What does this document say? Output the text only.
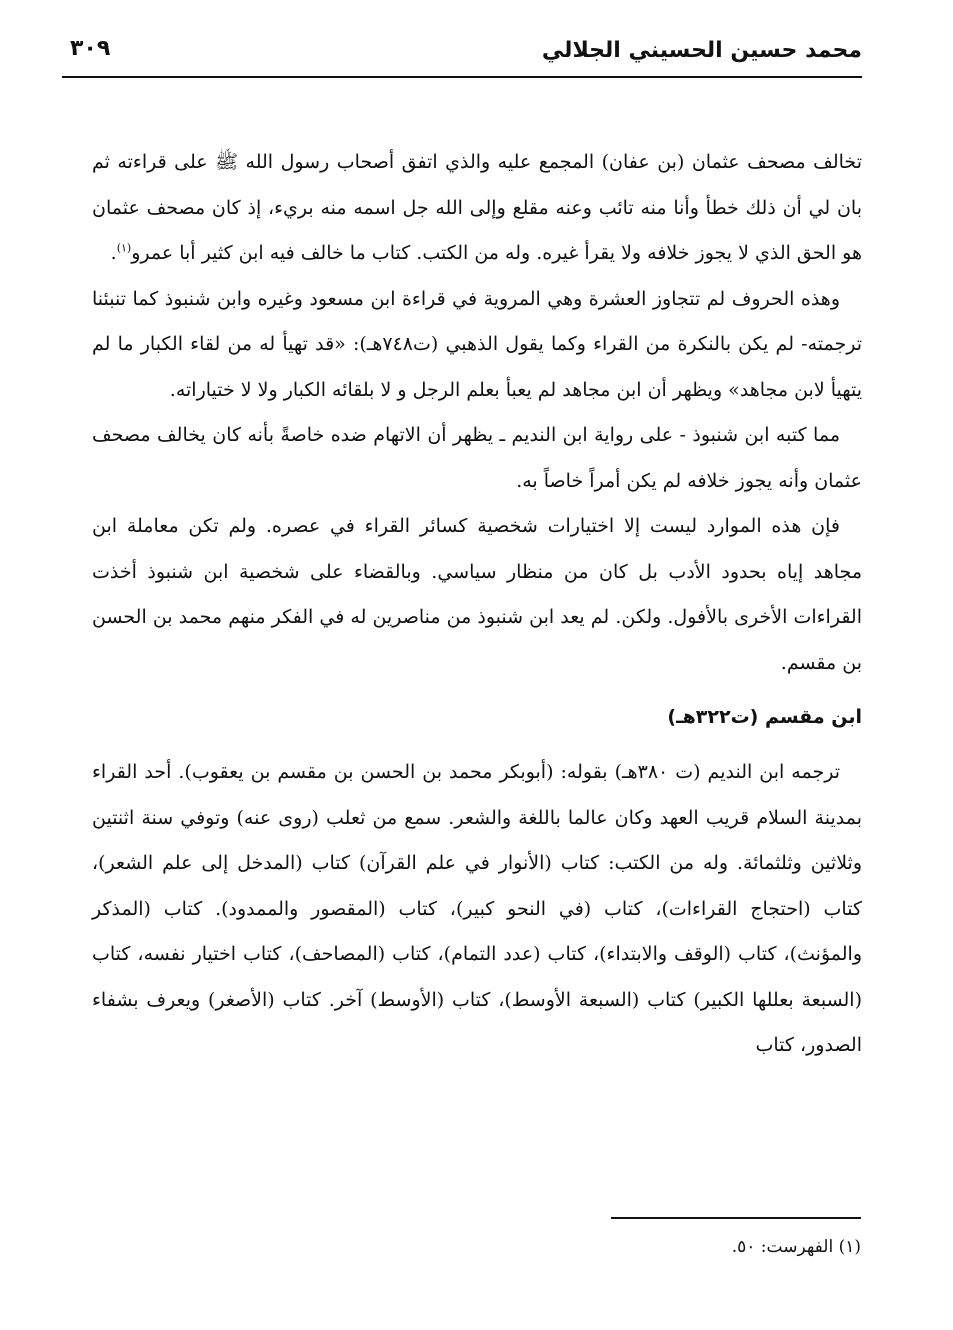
محمد حسين الحسيني الجلالي
٣٠٩

تخالف مصحف عثمان (بن عفان) المجمع عليه والذي اتفق أصحاب رسول الله ﷺ على قراءته ثم بان لي أن ذلك خطأ وأنا منه تائب وعنه مقلع وإلى الله جل اسمه منه بريء، إذ كان مصحف عثمان هو الحق الذي لا يجوز خلافه ولا يقرأ غيره. وله من الكتب. كتاب ما خالف فيه ابن كثير أبا عمرو$^{(١)}$.

وهذه الحروف لم تتجاوز العشرة وهي المروية في قراءة ابن مسعود وغيره وابن شنبوذ كما تنبئنا ترجمته- لم يكن بالنكرة من القراء وكما يقول الذهبي (ت٧٤٨هـ): «قد تهيأ له من لقاء الكبار ما لم يتهيأ لابن مجاهد» ويظهر أن ابن مجاهد لم يعبأ بعلم الرجل و لا بلقائه الكبار ولا لا ختياراته.

مما كتبه ابن شنبوذ - على رواية ابن النديم ـ يظهر أن الاتهام ضده خاصةً بأنه كان يخالف مصحف عثمان وأنه يجوز خلافه لم يكن أمراً خاصاً به.

فإن هذه الموارد ليست إلا اختيارات شخصية كسائر القراء في عصره. ولم تكن معاملة ابن مجاهد إياه بحدود الأدب بل كان من منظار سياسي. وبالقضاء على شخصية ابن شنبوذ أخذت القراءات الأخرى بالأفول. ولكن. لم يعد ابن شنبوذ من مناصرين له في الفكر منهم محمد بن الحسن بن مقسم.

ابن مقسم (ت٣٢٢هـ)

ترجمه ابن النديم (ت ٣٨٠هـ) بقوله: (أبوبكر محمد بن الحسن بن مقسم بن يعقوب). أحد القراء بمدينة السلام قريب العهد وكان عالما باللغة والشعر. سمع من ثعلب (روى عنه) وتوفي سنة اثنتين وثلاثين وثلثمائة. وله من الكتب: كتاب (الأنوار في علم القرآن) كتاب (المدخل إلى علم الشعر)، كتاب (احتجاج القراءات)، كتاب (في النحو كبير)، كتاب (المقصور والممدود). كتاب (المذكر والمؤنث)، كتاب (الوقف والابتداء)، كتاب (عدد التمام)، كتاب (المصاحف)، كتاب اختيار نفسه، كتاب (السبعة بعللها الكبير) كتاب (السبعة الأوسط)، كتاب (الأوسط) آخر. كتاب (الأصغر) ويعرف بشفاء الصدور، كتاب

(١) الفهرست: ٥٠.
